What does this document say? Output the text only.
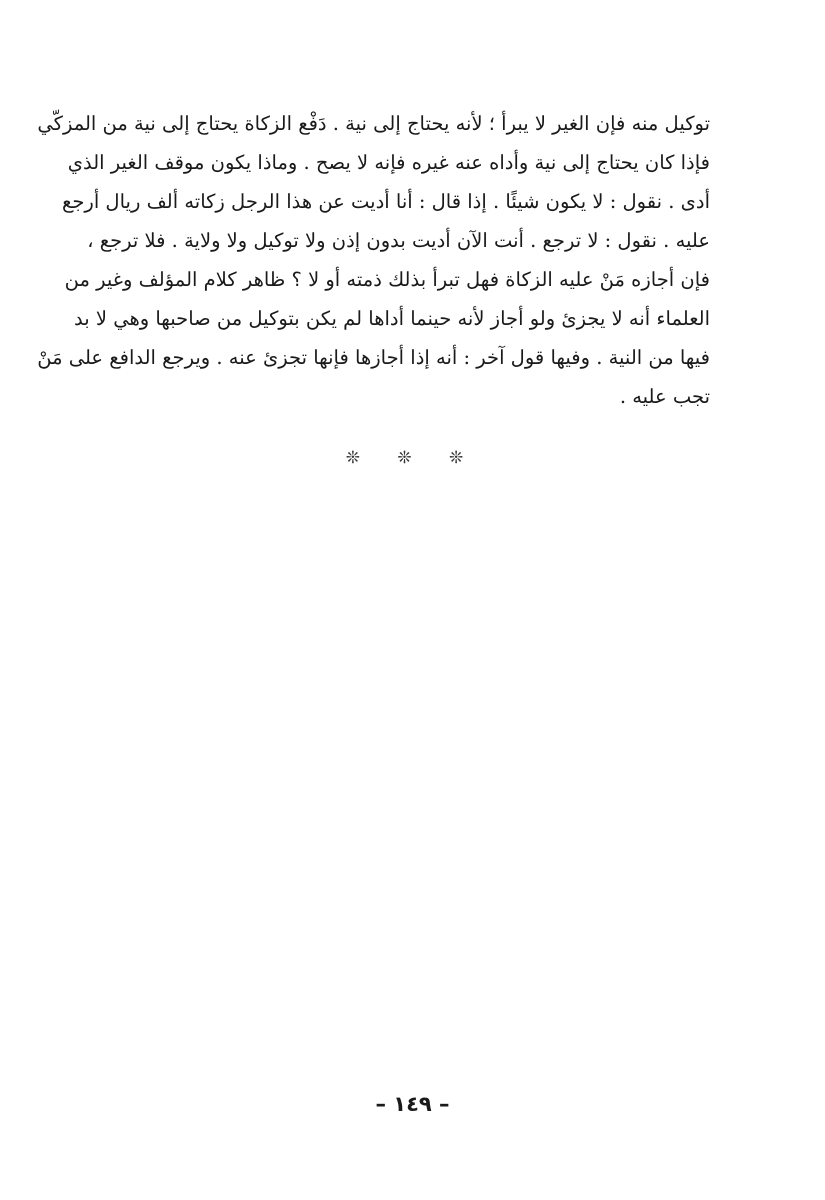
توكيل منه فإن الغير لا يبرأ ؛ لأنه يحتاج إلى نية . دَفْع الزكاة يحتاج إلى نية من المزكّي
فإذا كان يحتاج إلى نية وأداه عنه غيره فإنه لا يصح . وماذا يكون موقف الغير الذي
أدى . نقول : لا يكون شيئًا . إذا قال : أنا أديت عن هذا الرجل زكاته ألف ريال أرجع
عليه . نقول : لا ترجع . أنت الآن أديت بدون إذن ولا توكيل ولا ولاية . فلا ترجع ،
فإن أجازه مَنْ عليه الزكاة فهل تبرأ بذلك ذمته أو لا ؟ ظاهر كلام المؤلف وغير من
العلماء أنه لا يجزئ ولو أجاز لأنه حينما أداها لم يكن بتوكيل من صاحبها وهي لا بد
فيها من النية . وفيها قول آخر : أنه إذا أجازها فإنها تجزئ عنه . ويرجع الدافع على مَنْ
تجب عليه .
❊ ❊ ❊
– ١٤٩ –
